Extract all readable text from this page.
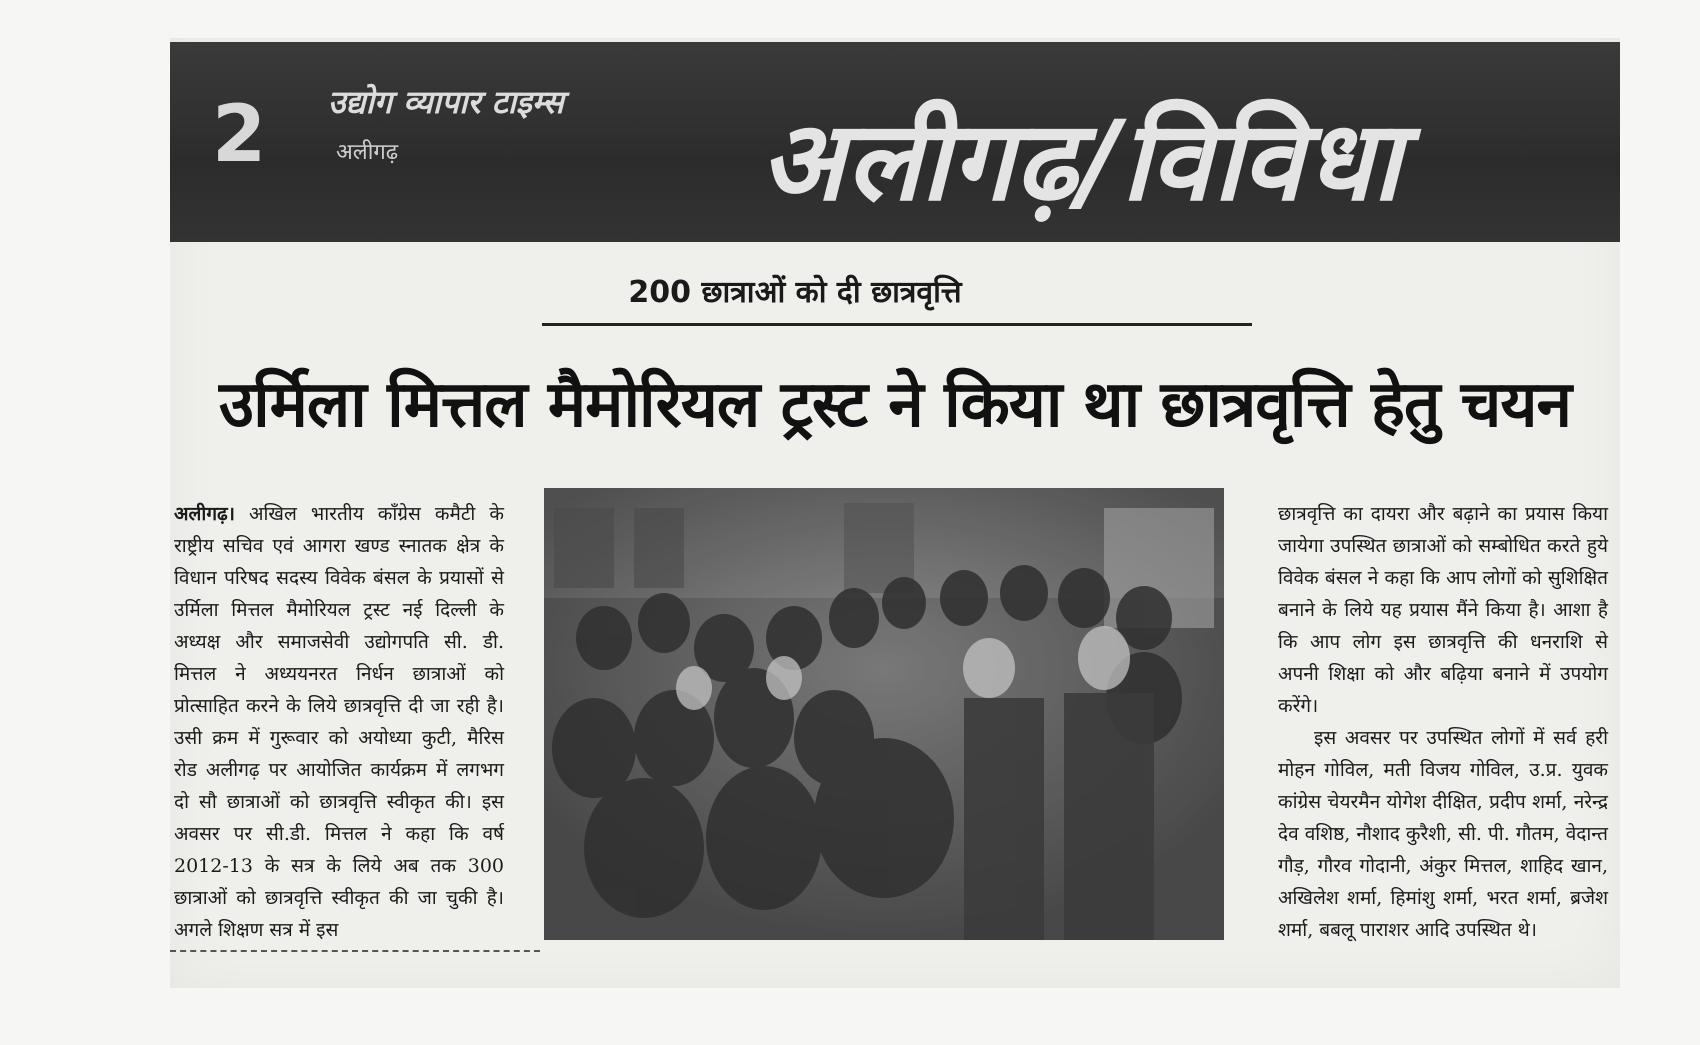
2 उद्योग व्यापार टाइम्स
अलीगढ़	अलीगढ़/विविधा
200 छात्राओं को दी छात्रवृत्ति
उर्मिला मित्तल मैमोरियल ट्रस्ट ने किया था छात्रवृत्ति हेतु चयन

अलीगढ़। अखिल भारतीय काँग्रेस कमैटी के राष्ट्रीय सचिव एवं आगरा खण्ड स्नातक क्षेत्र के विधान परिषद सदस्य विवेक बंसल के प्रयासों से उर्मिला मित्तल मैमोरियल ट्रस्ट नई दिल्ली के अध्यक्ष और समाजसेवी उद्योगपति सी. डी. मित्तल ने अध्ययनरत निर्धन छात्राओं को प्रोत्साहित करने के लिये छात्रवृत्ति दी जा रही है। उसी क्रम में गुरूवार को अयोध्या कुटी, मैरिस रोड अलीगढ़ पर आयोजित कार्यक्रम में लगभग दो सौ छात्राओं को छात्रवृत्ति स्वीकृत की। इस अवसर पर सी.डी. मित्तल ने कहा कि वर्ष 2012-13 के सत्र के लिये अब तक 300 छात्राओं को छात्रवृत्ति स्वीकृत की जा चुकी है। अगले शिक्षण सत्र में इस

छात्रवृत्ति का दायरा और बढ़ाने का प्रयास किया जायेगा उपस्थित छात्राओं को सम्बोधित करते हुये विवेक बंसल ने कहा कि आप लोगों को सुशिक्षित बनाने के लिये यह प्रयास मैंने किया है। आशा है कि आप लोग इस छात्रवृत्ति की धनराशि से अपनी शिक्षा को और बढ़िया बनाने में उपयोग करेंगे।

इस अवसर पर उपस्थित लोगों में सर्व हरी मोहन गोविल, मती विजय गोविल, उ.प्र. युवक कांग्रेस चेयरमैन योगेश दीक्षित, प्रदीप शर्मा, नरेन्द्र देव वशिष्ठ, नौशाद कुरैशी, सी. पी. गौतम, वेदान्त गौड़, गौरव गोदानी, अंकुर मित्तल, शाहिद खान, अखिलेश शर्मा, हिमांशु शर्मा, भरत शर्मा, ब्रजेश शर्मा, बबलू पाराशर आदि उपस्थित थे।
